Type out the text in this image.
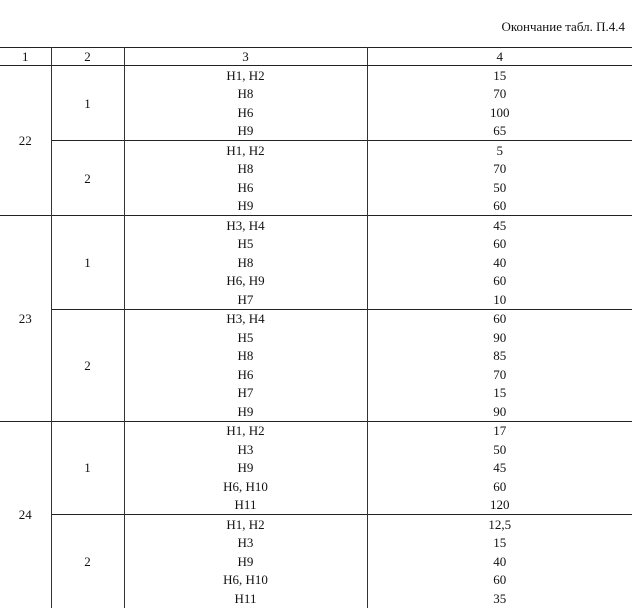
Окончание табл. П.4.4
1	2	3	4
22	1	Н1, Н2	15
		Н8	70
		Н6	100
		Н9	65
	2	Н1, Н2	5
		Н8	70
		Н6	50
		Н9	60
23	1	Н3, Н4	45
		Н5	60
		Н8	40
		Н6, Н9	60
		Н7	10
	2	Н3, Н4	60
		Н5	90
		Н8	85
		Н6	70
		Н7	15
		Н9	90
24	1	Н1, Н2	17
		Н3	50
		Н9	45
		Н6, Н10	60
		Н11	120
	2	Н1, Н2	12,5
		Н3	15
		Н9	40
		Н6, Н10	60
		Н11	35
